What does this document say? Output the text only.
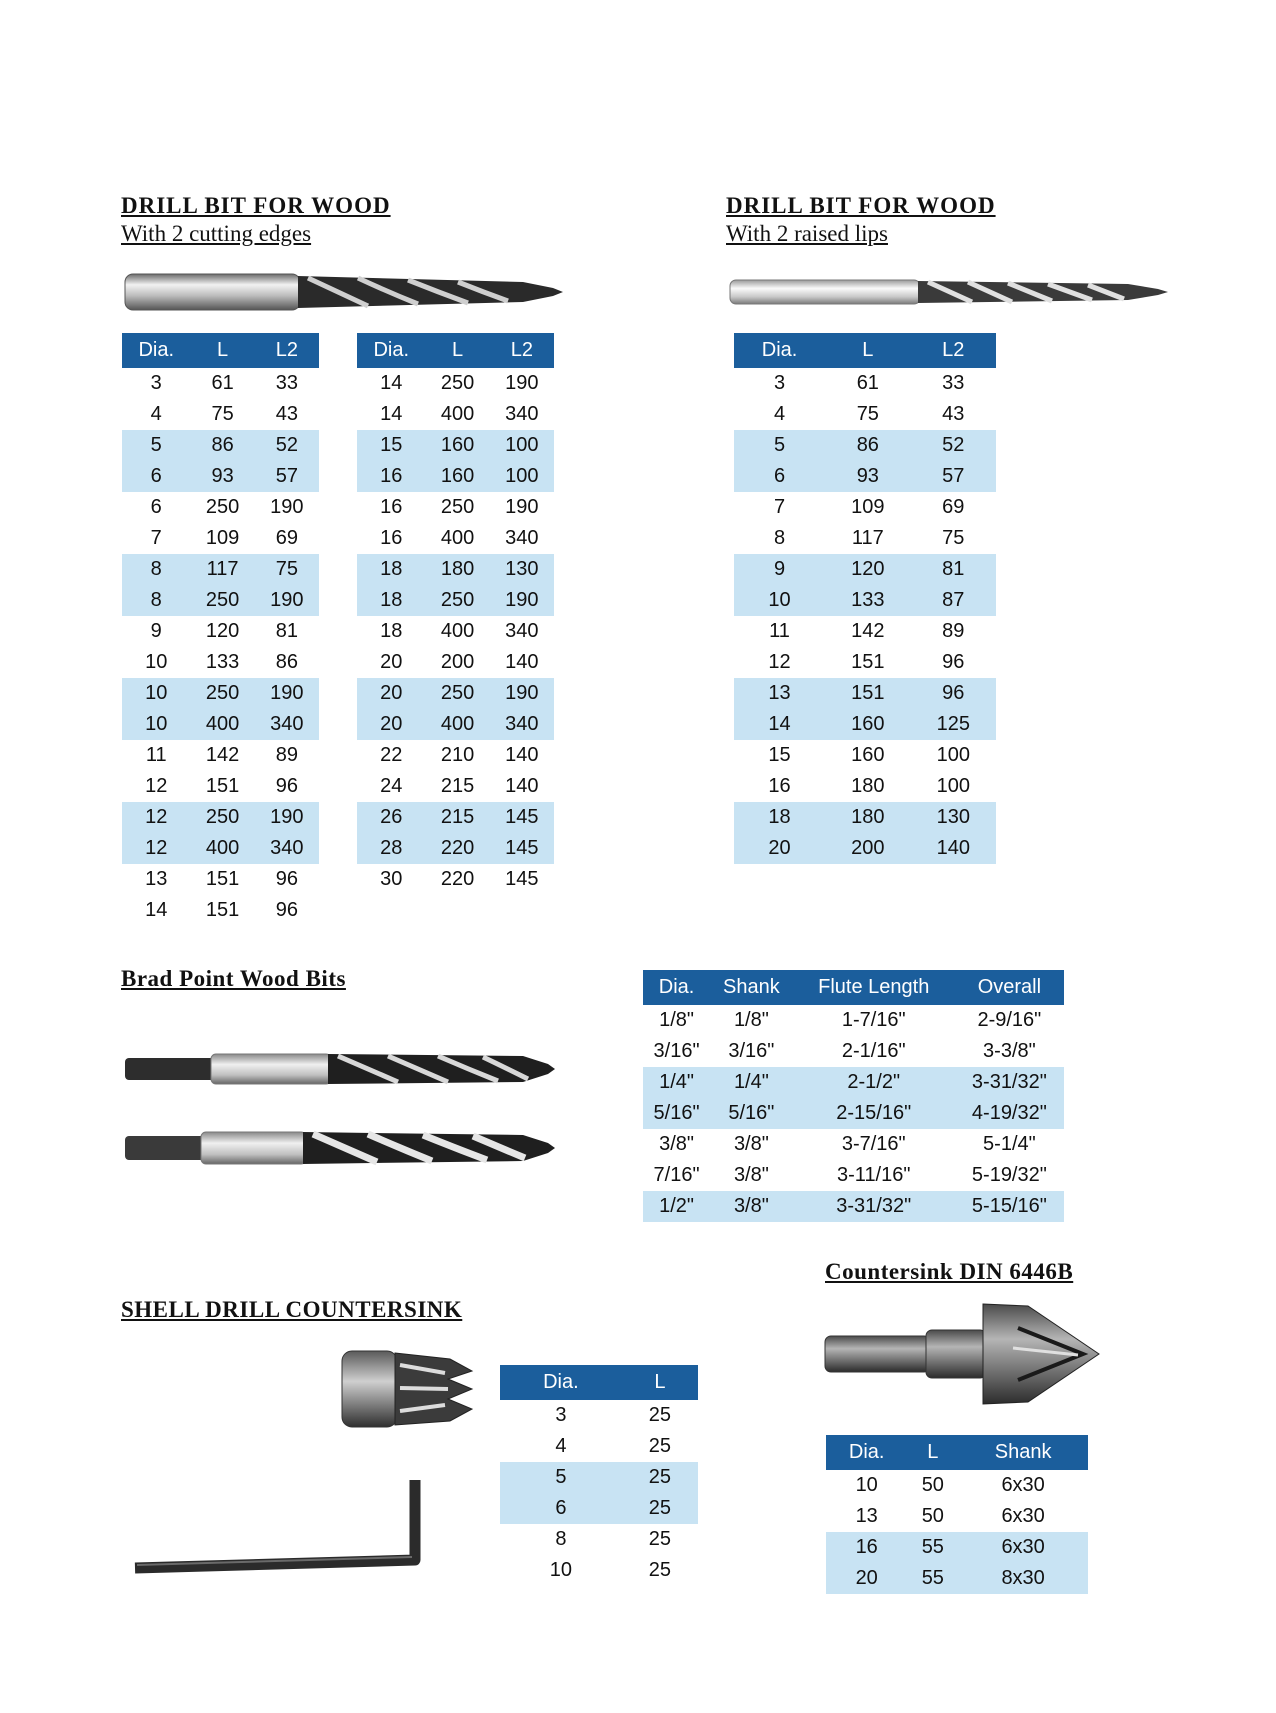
DRILL BIT FOR WOOD
With 2 cutting edges
Dia.	L	L2
3	61	33
4	75	43
5	86	52
6	93	57
6	250	190
7	109	69
8	117	75
8	250	190
9	120	81
10	133	86
10	250	190
10	400	340
11	142	89
12	151	96
12	250	190
12	400	340
13	151	96
14	151	96
Dia.	L	L2
14	250	190
14	400	340
15	160	100
16	160	100
16	250	190
16	400	340
18	180	130
18	250	190
18	400	340
20	200	140
20	250	190
20	400	340
22	210	140
24	215	140
26	215	145
28	220	145
30	220	145
DRILL BIT FOR WOOD
With 2 raised lips
Dia.	L	L2
3	61	33
4	75	43
5	86	52
6	93	57
7	109	69
8	117	75
9	120	81
10	133	87
11	142	89
12	151	96
13	151	96
14	160	125
15	160	100
16	180	100
18	180	130
20	200	140
Brad Point Wood Bits	Dia.	Shank	Flute Length	Overall
1/8"	1/8"	1-7/16"	2-9/16"
3/16"	3/16"	2-1/16"	3-3/8"
1/4"	1/4"	2-1/2"	3-31/32"
5/16"	5/16"	2-15/16"	4-19/32"
3/8"	3/8"	3-7/16"	5-1/4"
7/16"	3/8"	3-11/16"	5-19/32"
1/2"	3/8"	3-31/32"	5-15/16"
SHELL DRILL COUNTERSINK
Dia.	L
3	25
4	25
5	25
6	25
8	25
10	25
Countersink DIN 6446B
Dia.	L	Shank
10	50	6x30
13	50	6x30
16	55	6x30
20	55	8x30
